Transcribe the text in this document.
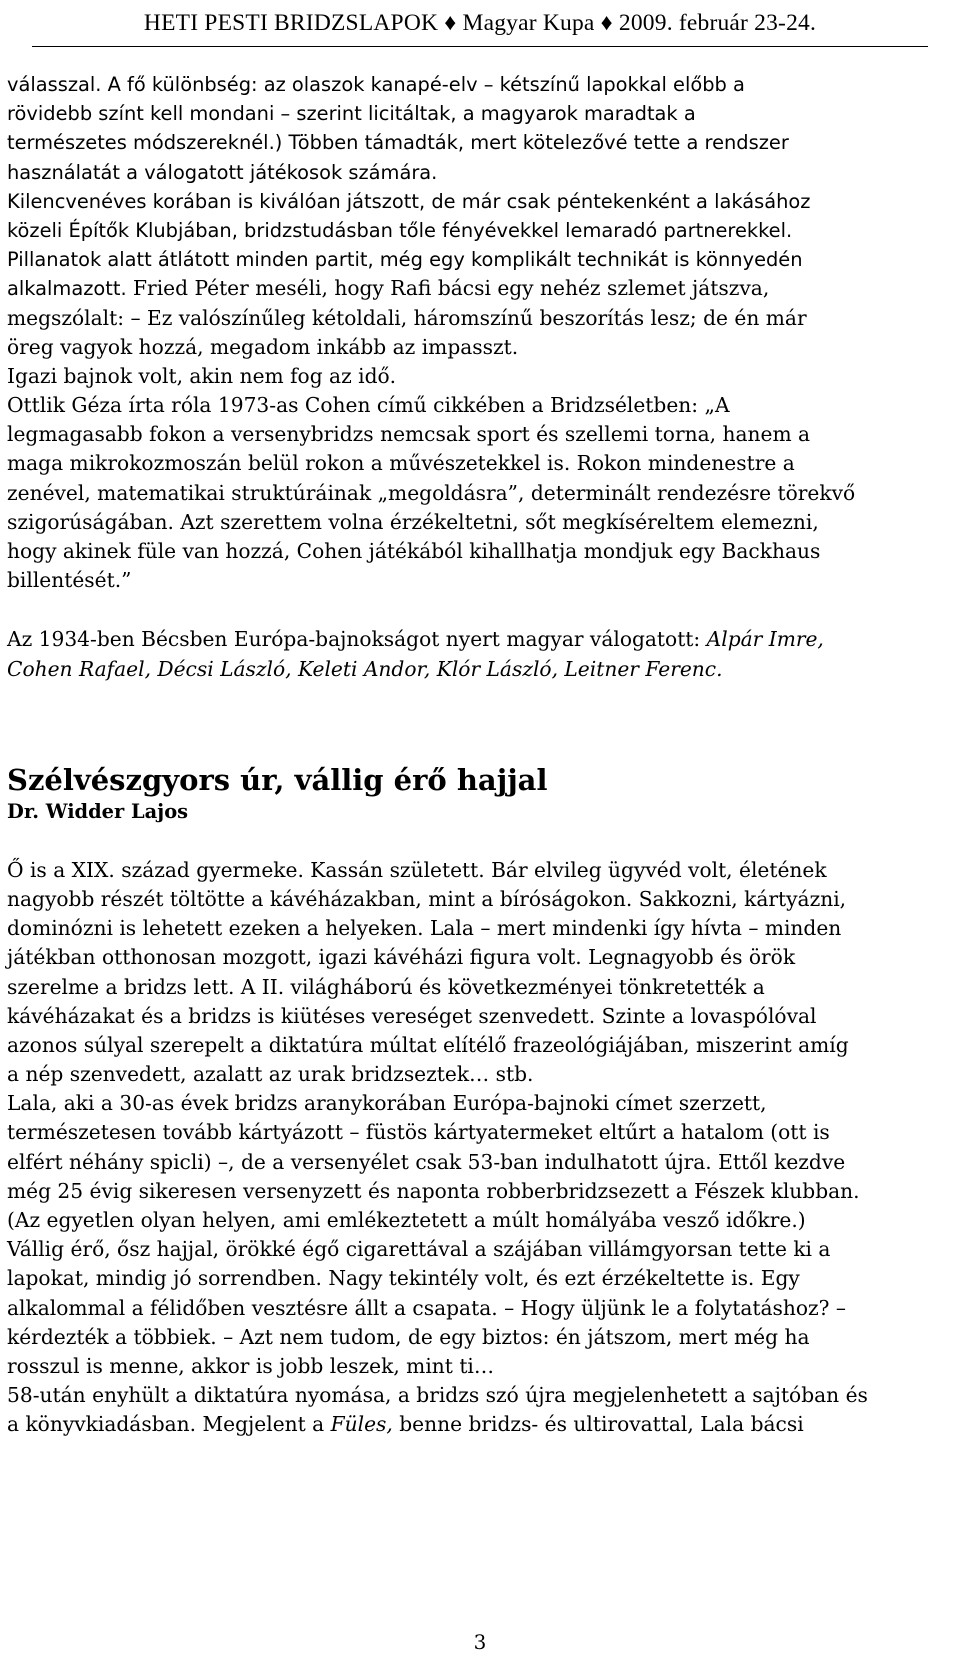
HETI PESTI BRIDZSLAPOK ♦ Magyar Kupa ♦ 2009. február 23-24.
válasszal. A fő különbség: az olaszok kanapé-elv – kétszínű lapokkal előbb a
rövidebb színt kell mondani – szerint licitáltak, a magyarok maradtak a
természetes módszereknél.) Többen támadták, mert kötelezővé tette a rendszer
használatát a válogatott játékosok számára.
Kilencvenéves korában is kiválóan játszott, de már csak péntekenként a lakásához
közeli Építők Klubjában, bridzstudásban tőle fényévekkel lemaradó partnerekkel.
Pillanatok alatt átlátott minden partit, még egy komplikált technikát is könnyedén
alkalmazott. Fried Péter meséli, hogy Rafi bácsi egy nehéz szlemet játszva,
megszólalt: – Ez valószínűleg kétoldali, háromszínű beszorítás lesz; de én már
öreg vagyok hozzá, megadom inkább az impasszt.
Igazi bajnok volt, akin nem fog az idő.
Ottlik Géza írta róla 1973-as Cohen című cikkében a Bridzséletben: „A
legmagasabb fokon a versenybridzs nemcsak sport és szellemi torna, hanem a
maga mikrokozmoszán belül rokon a művészetekkel is. Rokon mindenestre a
zenével, matematikai struktúráinak „megoldásra”, determinált rendezésre törekvő
szigorúságában. Azt szerettem volna érzékeltetni, sőt megkíséreltem elemezni,
hogy akinek füle van hozzá, Cohen játékából kihallhatja mondjuk egy Backhaus
billentését.”
Az 1934-ben Bécsben Európa-bajnokságot nyert magyar válogatott: Alpár Imre,
Cohen Rafael, Décsi László, Keleti Andor, Klór László, Leitner Ferenc.
Szélvészgyors úr, vállig érő hajjal
Dr. Widder Lajos
Ő is a XIX. század gyermeke. Kassán született. Bár elvileg ügyvéd volt, életének
nagyobb részét töltötte a kávéházakban, mint a bíróságokon. Sakkozni, kártyázni,
dominózni is lehetett ezeken a helyeken. Lala – mert mindenki így hívta – minden
játékban otthonosan mozgott, igazi kávéházi figura volt. Legnagyobb és örök
szerelme a bridzs lett. A II. világháború és következményei tönkretették a
kávéházakat és a bridzs is kiütéses vereséget szenvedett. Szinte a lovaspólóval
azonos súlyal szerepelt a diktatúra múltat elítélő frazeológiájában, miszerint amíg
a nép szenvedett, azalatt az urak bridzseztek… stb.
Lala, aki a 30-as évek bridzs aranykorában Európa-bajnoki címet szerzett,
természetesen tovább kártyázott – füstös kártyatermeket eltűrt a hatalom (ott is
elfért néhány spicli) –, de a versenyélet csak 53-ban indulhatott újra. Ettől kezdve
még 25 évig sikeresen versenyzett és naponta robberbridzsezett a Fészek klubban.
(Az egyetlen olyan helyen, ami emlékeztetett a múlt homályába vesző időkre.)
Vállig érő, ősz hajjal, örökké égő cigarettával a szájában villámgyorsan tette ki a
lapokat, mindig jó sorrendben. Nagy tekintély volt, és ezt érzékeltette is. Egy
alkalommal a félidőben vesztésre állt a csapata. – Hogy üljünk le a folytatáshoz? –
kérdezték a többiek. – Azt nem tudom, de egy biztos: én játszom, mert még ha
rosszul is menne, akkor is jobb leszek, mint ti…
58-után enyhült a diktatúra nyomása, a bridzs szó újra megjelenhetett a sajtóban és
a könyvkiadásban. Megjelent a Füles, benne bridzs- és ultirovattal, Lala bácsi
3
